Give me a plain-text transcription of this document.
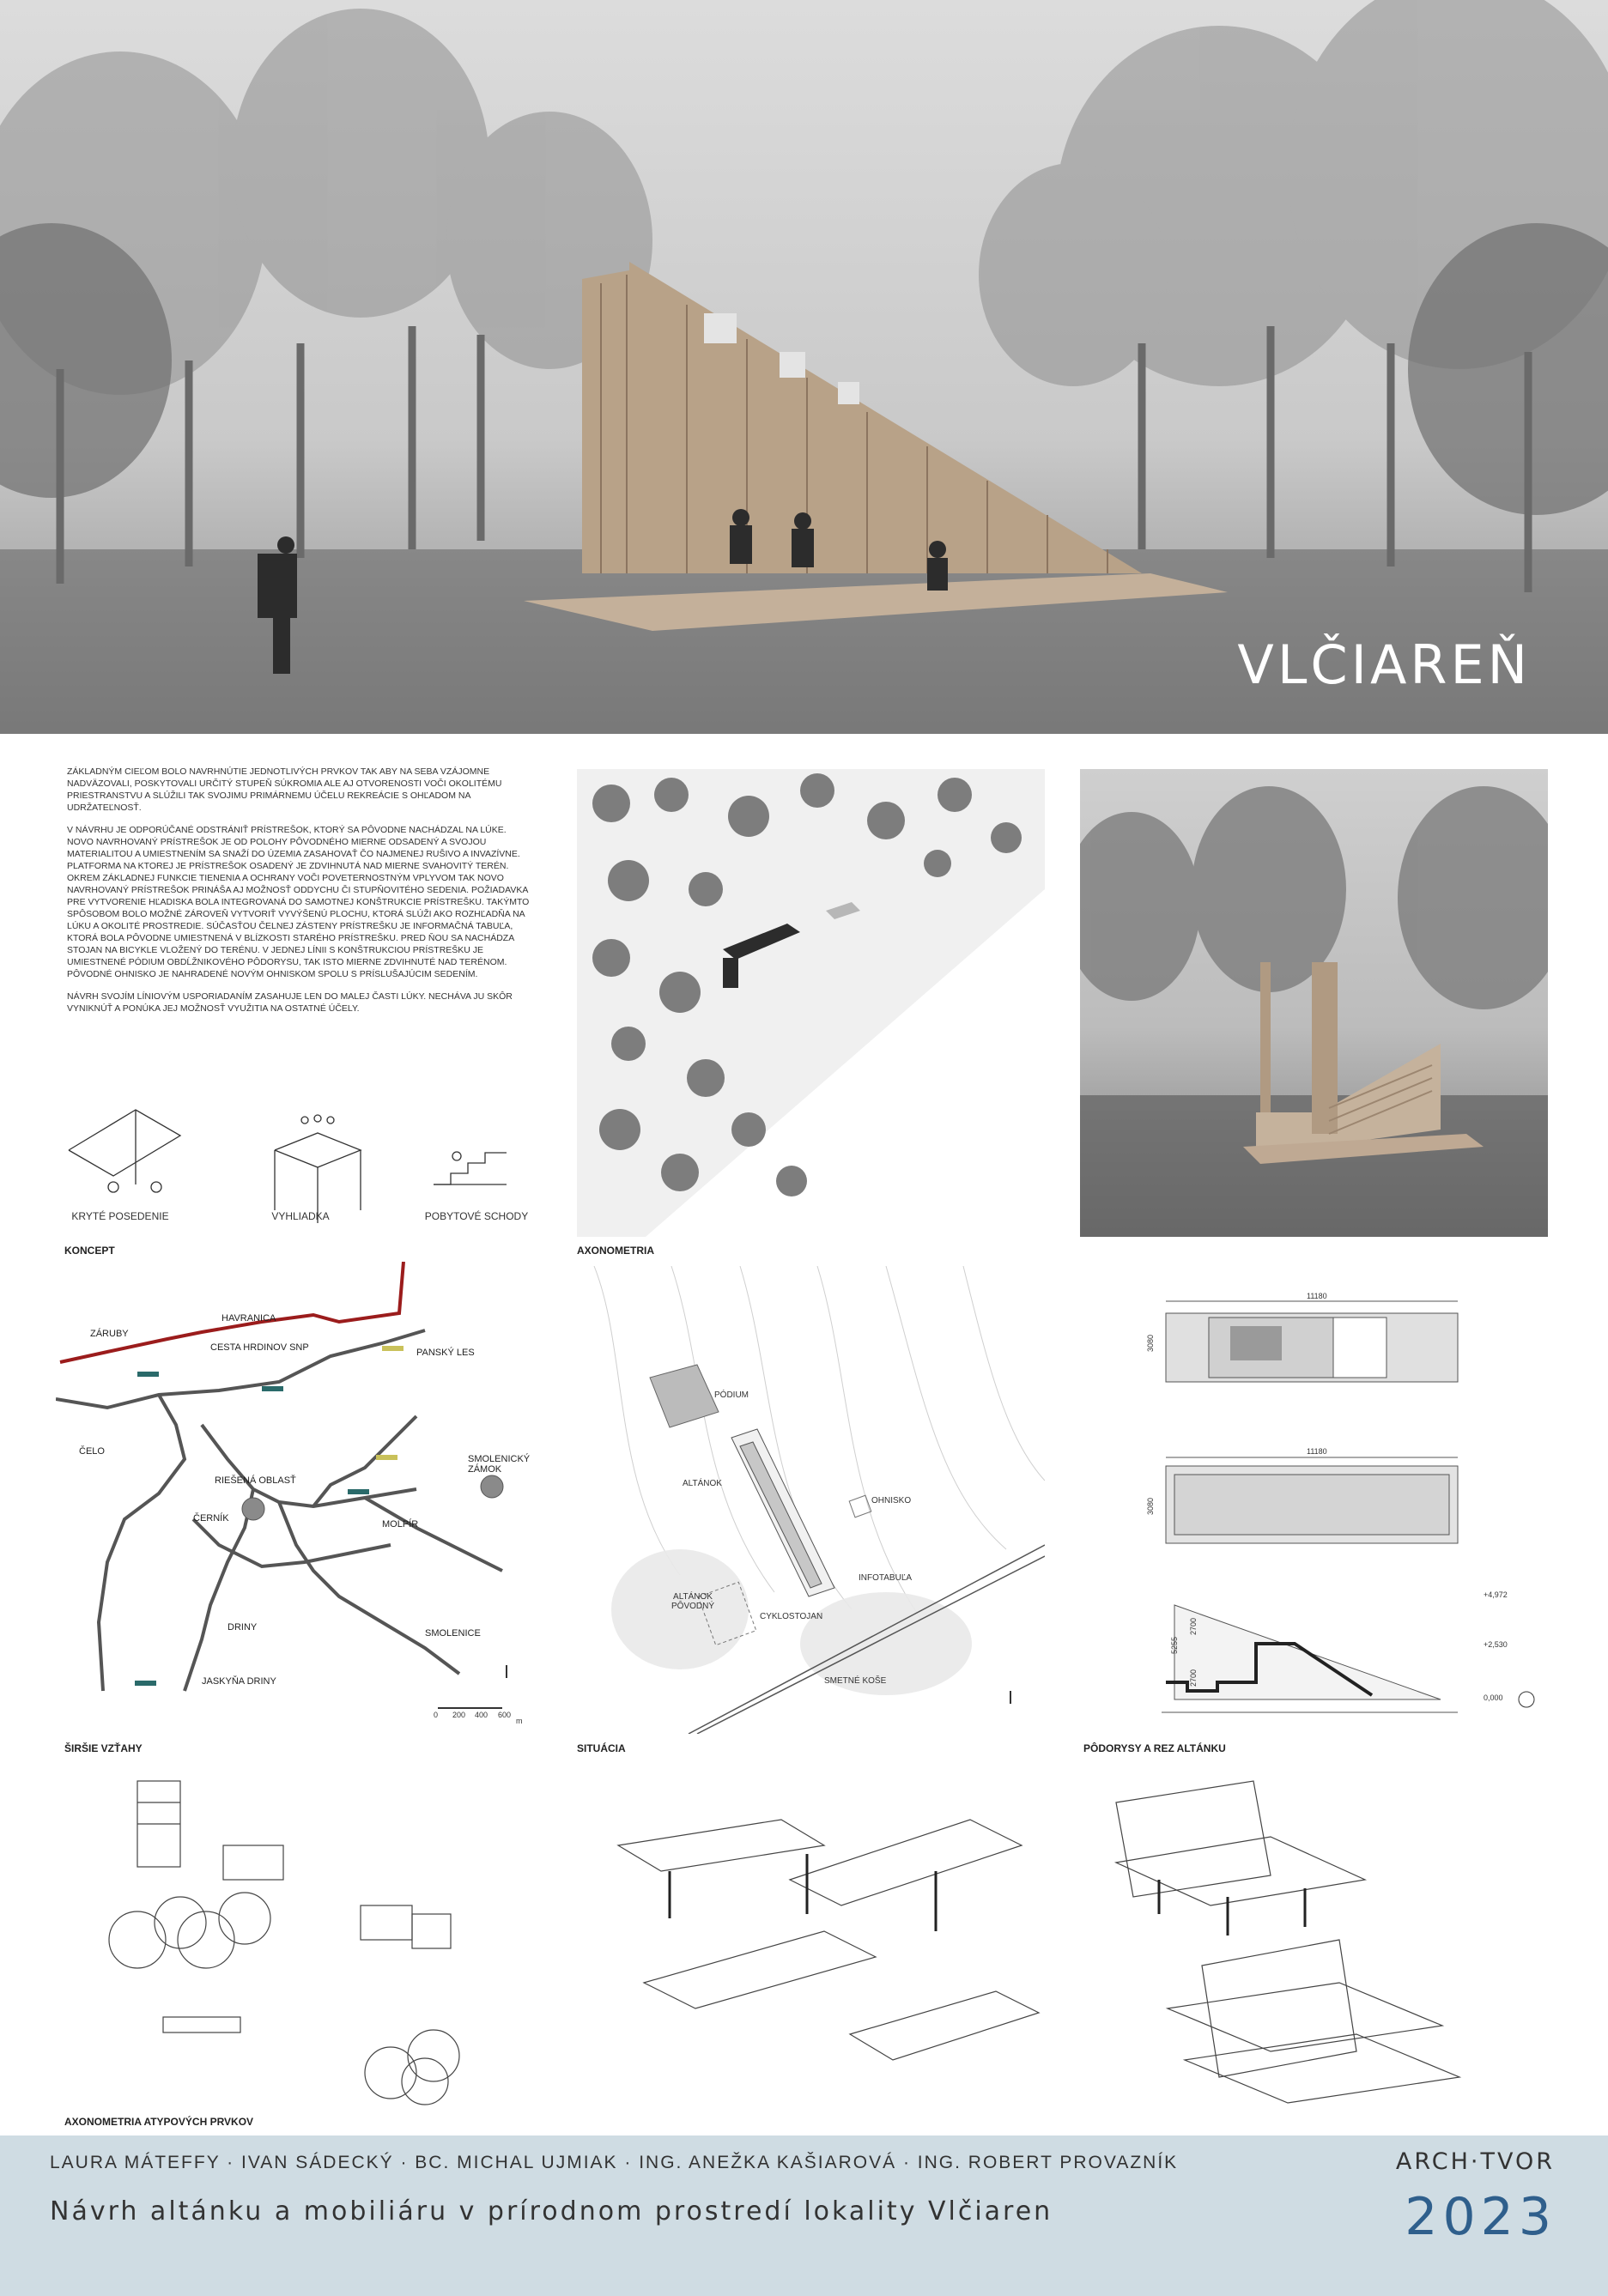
VLČIAREŇ

ZÁKLADNÝM CIEĽOM BOLO NAVRHNÚTIE JEDNOTLIVÝCH PRVKOV TAK ABY NA SEBA VZÁJOMNE NADVÄZOVALI, POSKYTOVALI URČITÝ STUPEŇ SÚKROMIA ALE AJ OTVORENOSTI VOČI OKOLITÉMU PRIESTRANSTVU A SLÚŽILI TAK SVOJIMU PRIMÁRNEMU ÚČELU REKREÁCIE S OHĽADOM NA UDRŽATEĽNOSŤ.

V NÁVRHU JE ODPORÚČANÉ ODSTRÁNIŤ PRÍSTREŠOK, KTORÝ SA PÔVODNE NACHÁDZAL NA LÚKE. NOVO NAVRHOVANÝ PRÍSTREŠOK JE OD POLOHY PÔVODNÉHO MIERNE ODSADENÝ A SVOJOU MATERIALITOU A UMIESTNENÍM SA SNAŽÍ DO ÚZEMIA ZASAHOVAŤ ČO NAJMENEJ RUŠIVO A INVAZÍVNE. PLATFORMA NA KTOREJ JE PRÍSTREŠOK OSADENÝ JE ZDVIHNUTÁ NAD MIERNE SVAHOVITÝ TERÉN. OKREM ZÁKLADNEJ FUNKCIE TIENENIA A OCHRANY VOČI POVETERNOSTNÝM VPLYVOM TAK NOVO NAVRHOVANÝ PRÍSTREŠOK PRINÁŠA AJ MOŽNOSŤ ODDYCHU ČI STUPŇOVITÉHO SEDENIA. POŽIADAVKA PRE VYTVORENIE HĽADISKA BOLA INTEGROVANÁ DO SAMOTNEJ KONŠTRUKCIE PRÍSTREŠKU. TAKÝMTO SPÔSOBOM BOLO MOŽNÉ ZÁROVEŇ VYTVORIŤ VYVÝŠENÚ PLOCHU, KTORÁ SLÚŽI AKO ROZHĽADŇA NA LÚKU A OKOLITÉ PROSTREDIE. SÚČASŤOU ČELNEJ ZÁSTENY PRÍSTREŠKU JE INFORMAČNÁ TABUĽA, KTORÁ BOLA PÔVODNE UMIESTNENÁ V BLÍZKOSTI STARÉHO PRÍSTREŠKU. PRED ŇOU SA NACHÁDZA STOJAN NA BICYKLE VLOŽENÝ DO TERÉNU. V JEDNEJ LÍNII S KONŠTRUKCIOU PRÍSTREŠKU JE UMIESTNENÉ PÓDIUM OBDĹŽNIKOVÉHO PÔDORYSU, TAK ISTO MIERNE ZDVIHNUTÉ NAD TERÉNOM. PÔVODNÉ OHNISKO JE NAHRADENÉ NOVÝM OHNISKOM SPOLU S PRÍSLUŠAJÚCIM SEDENÍM.

NÁVRH SVOJÍM LÍNIOVÝM USPORIADANÍM ZASAHUJE LEN DO MALEJ ČASTI LÚKY. NECHÁVA JU SKÔR VYNIKNÚŤ A PONÚKA JEJ MOŽNOSŤ VYUŽITIA NA OSTATNÉ ÚČELY.

KRYTÉ POSEDENIE	VYHLIADKA	POBYTOVÉ SCHODY
KONCEPT	AXONOMETRIA
ZÁRUBY
HAVRANICA
CESTA HRDINOV SNP	PANSKÝ LES
ČELO
RIEŠENÁ OBLASŤ
SMOLENICKÝ
ZÁMOK
ČERNÍK
MOLPÍR
DRINY
SMOLENICE
JASKYŇA DRINY
0 200 400 600
m
ŠIRŠIE VZŤAHY
PÓDIUM
ALTÁNOK
OHNISKO
INFOTABUĽA
ALTÁNOK
PÔVODNÝ
CYKLOSTOJAN
SMETNÉ KOŠE
SITUÁCIA
11180
11180
3080
3080
+4,972
+2,530
0,000
2700
5255
2700
PÔDORYSY A REZ ALTÁNKU
AXONOMETRIA ATYPOVÝCH PRVKOV
LAURA MÁTEFFY · IVAN SÁDECKÝ · BC. MICHAL UJMIAK · ING. ANEŽKA KAŠIAROVÁ · ING. ROBERT PROVAZNÍK
Návrh altánku a mobiliáru v prírodnom prostredí lokality Vlčiaren
ARCH·TVOR
2023
